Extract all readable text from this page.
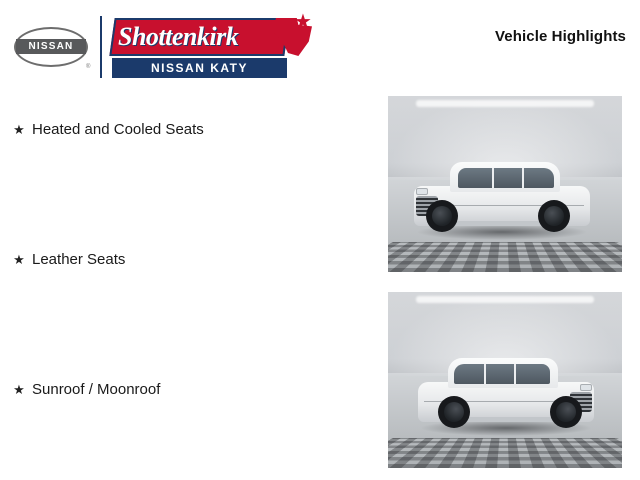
NISSAN
®
Shottenkirk
NISSAN KATY
★
Vehicle Highlights
★ Heated and Cooled Seats
★ Leather Seats
★ Sunroof / Moonroof
